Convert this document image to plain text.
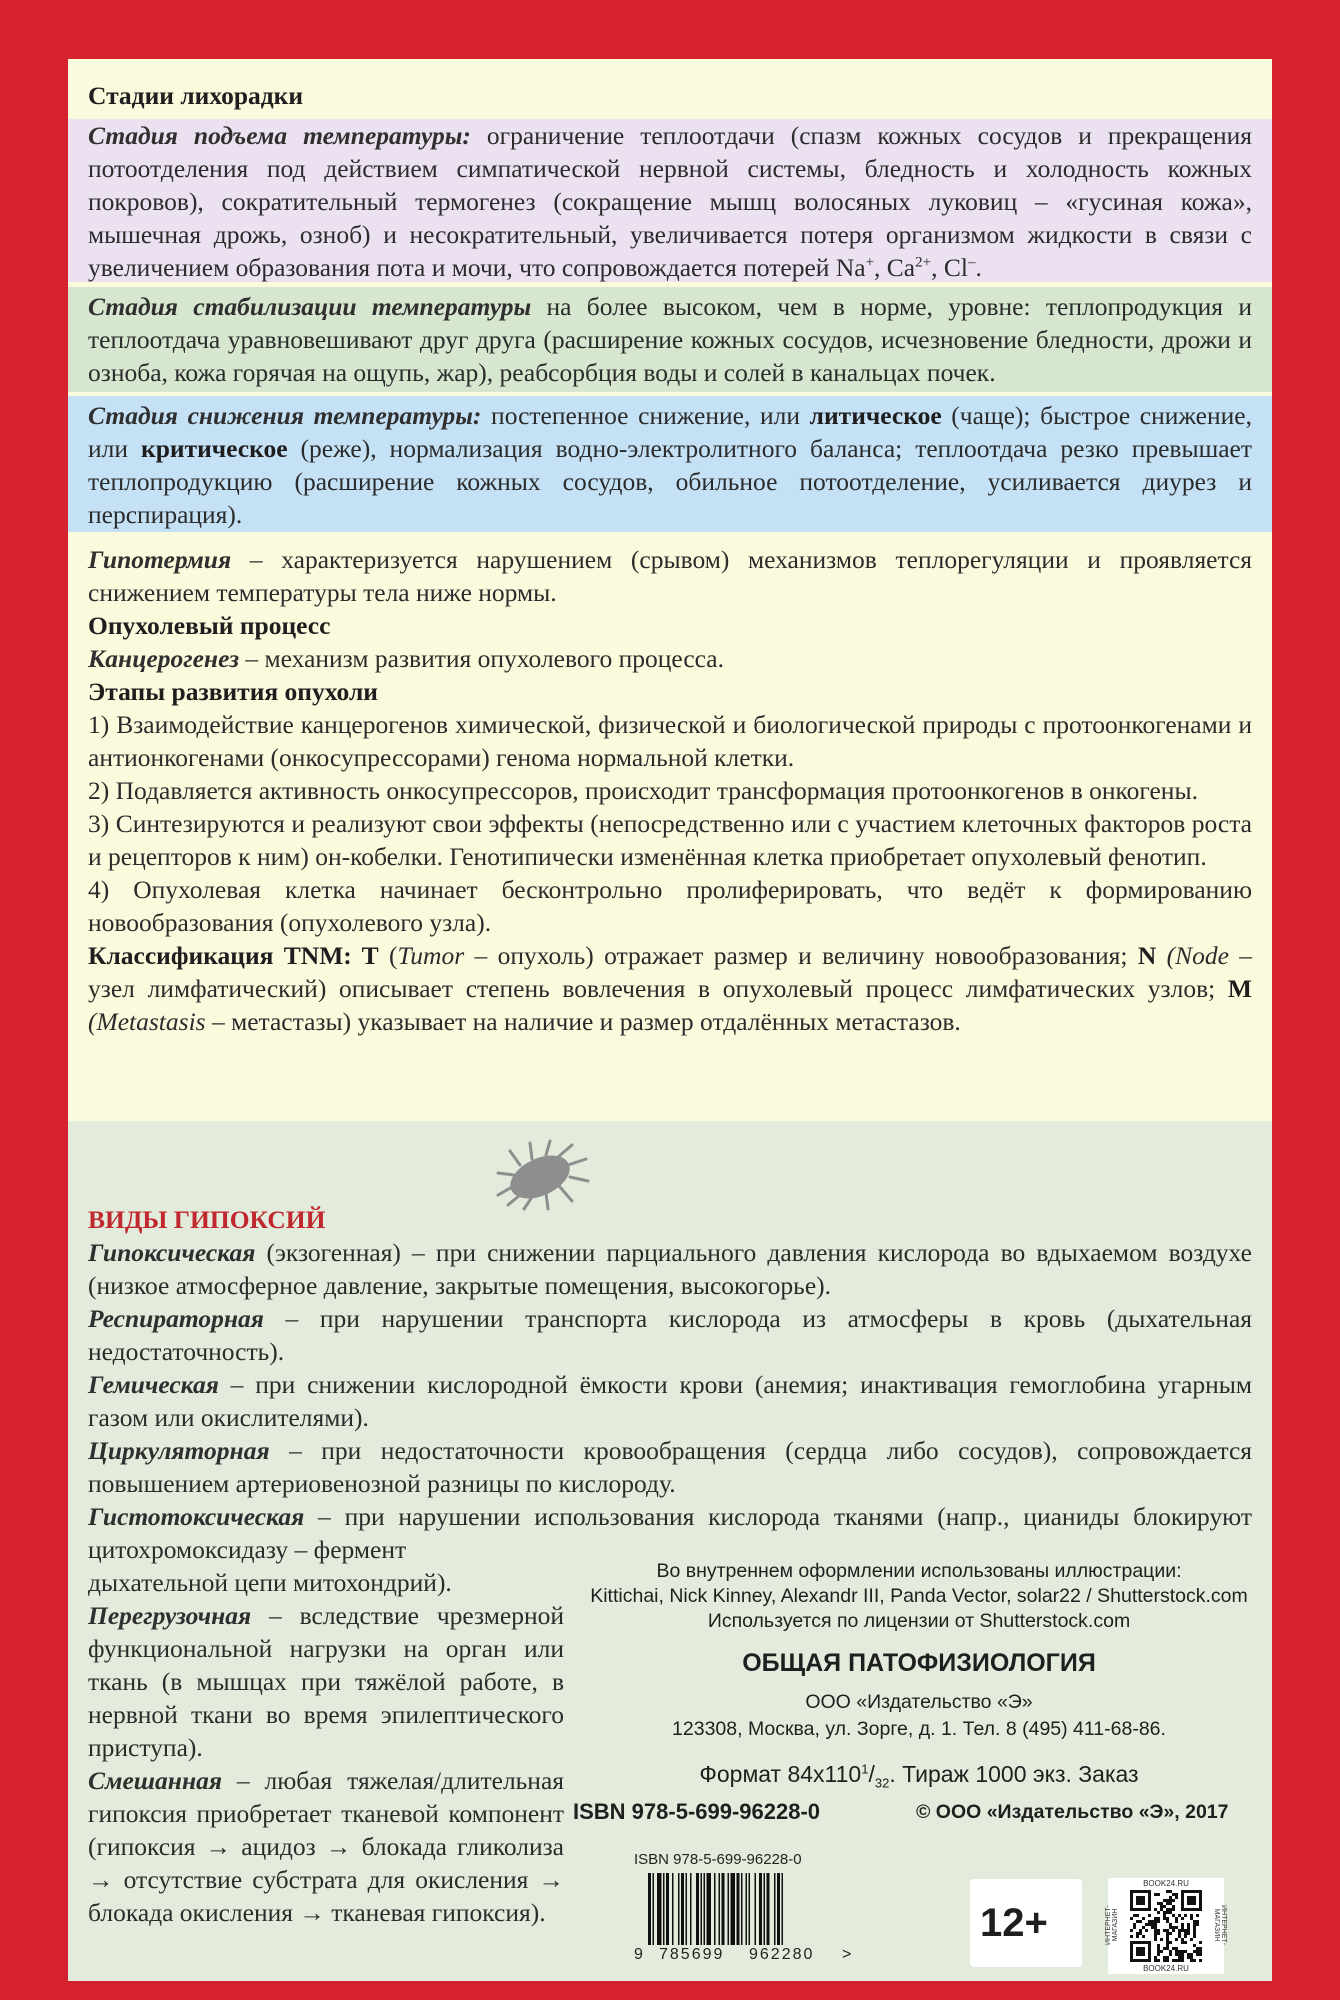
Стадии лихорадки
Стадия подъема температуры: ограничение теплоотдачи (спазм кожных сосудов и прекращения потоотделения под действием симпатической нервной системы, бледность и холодность кожных покровов), сократительный термогенез (сокращение мышц волосяных луковиц – «гусиная кожа», мышечная дрожь, озноб) и несократительный, увеличивается потеря организмом жидкости в связи с увеличением образования пота и мочи, что сопровождается потерей Na+, $Ca^{2+}$, Cl–.
Стадия стабилизации температуры на более высоком, чем в норме, уровне: теплопродукция и теплоотдача уравновешивают друг друга (расширение кожных сосудов, исчезновение бледности, дрожи и озноба, кожа горячая на ощупь, жар), реабсорбция воды и солей в канальцах почек.
Стадия снижения температуры: постепенное снижение, или литическое (чаще); быстрое снижение, или критическое (реже), нормализация водно-электролитного баланса; теплоотдача резко превышает теплопродукцию (расширение кожных сосудов, обильное потоотделение, усиливается диурез и перспирация).
Гипотермия – характеризуется нарушением (срывом) механизмов теплорегуляции и проявляется снижением температуры тела ниже нормы.
Опухолевый процесс
Канцерогенез – механизм развития опухолевого процесса.
Этапы развития опухоли
1) Взаимодействие канцерогенов химической, физической и биологической природы с протоонкогенами и антионкогенами (онкосупрессорами) генома нормальной клетки.
2) Подавляется активность онкосупрессоров, происходит трансформация протоонкогенов в онкогены.
3) Синтезируются и реализуют свои эффекты (непосредственно или с участием клеточных факторов роста и рецепторов к ним) он-кобелки. Генотипически изменённая клетка приобретает опухолевый фенотип.
4) Опухолевая клетка начинает бесконтрольно пролиферировать, что ведёт к формированию новообразования (опухолевого узла).
Классификация TNM: T (Tumor – опухоль) отражает размер и величину новообразования; N (Node – узел лимфатический) описывает степень вовлечения в опухолевый процесс лимфатических узлов; M (Metastasis – метастазы) указывает на наличие и размер отдалённых метастазов.
ВИДЫ ГИПОКСИЙ
Гипоксическая (экзогенная) – при снижении парциального давления кислорода во вдыхаемом воздухе (низкое атмосферное давление, закрытые помещения, высокогорье).
Респираторная – при нарушении транспорта кислорода из атмосферы в кровь (дыхательная недостаточность).
Гемическая – при снижении кислородной ёмкости крови (анемия; инактивация гемоглобина угарным газом или окислителями).
Циркуляторная – при недостаточности кровообращения (сердца либо сосудов), сопровождается повышением артериовенозной разницы по кислороду.
Гистотоксическая – при нарушении использования кислорода тканями (напр., цианиды блокируют цитохромоксидазу – фермент
дыхательной цепи митохондрий).
Перегрузочная – вследствие чрезмерной функциональной нагрузки на орган или ткань (в мышцах при тяжёлой работе, в нервной ткани во время эпилептического приступа).
Смешанная – любая тяжелая/длительная гипоксия приобретает тканевой компонент (гипоксия → ацидоз → блокада гликолиза → отсутствие субстрата для окисления → блокада окисления → тканевая гипоксия).
Во внутреннем оформлении использованы иллюстрации:
Kittichai, Nick Kinney, Alexandr III, Panda Vector, solar22 / Shutterstock.com
Используется по лицензии от Shutterstock.com
ОБЩАЯ ПАТОФИЗИОЛОГИЯ
ООО «Издательство «Э»
123308, Москва, ул. Зорге, д. 1. Тел. 8 (495) 411-68-86.
Формат $84х110^1/_{32}$. Тираж 1000 экз. Заказ
ISBN 978-5-699-96228-0	© ООО «Издательство «Э», 2017
ISBN 978-5-699-96228-0
9 785699 962280 >
12+
BOOK24.RU
ИНТЕРНЕТ-МАГАЗИН	ИНТЕРНЕТ-МАГАЗИН
BOOK24.RU
